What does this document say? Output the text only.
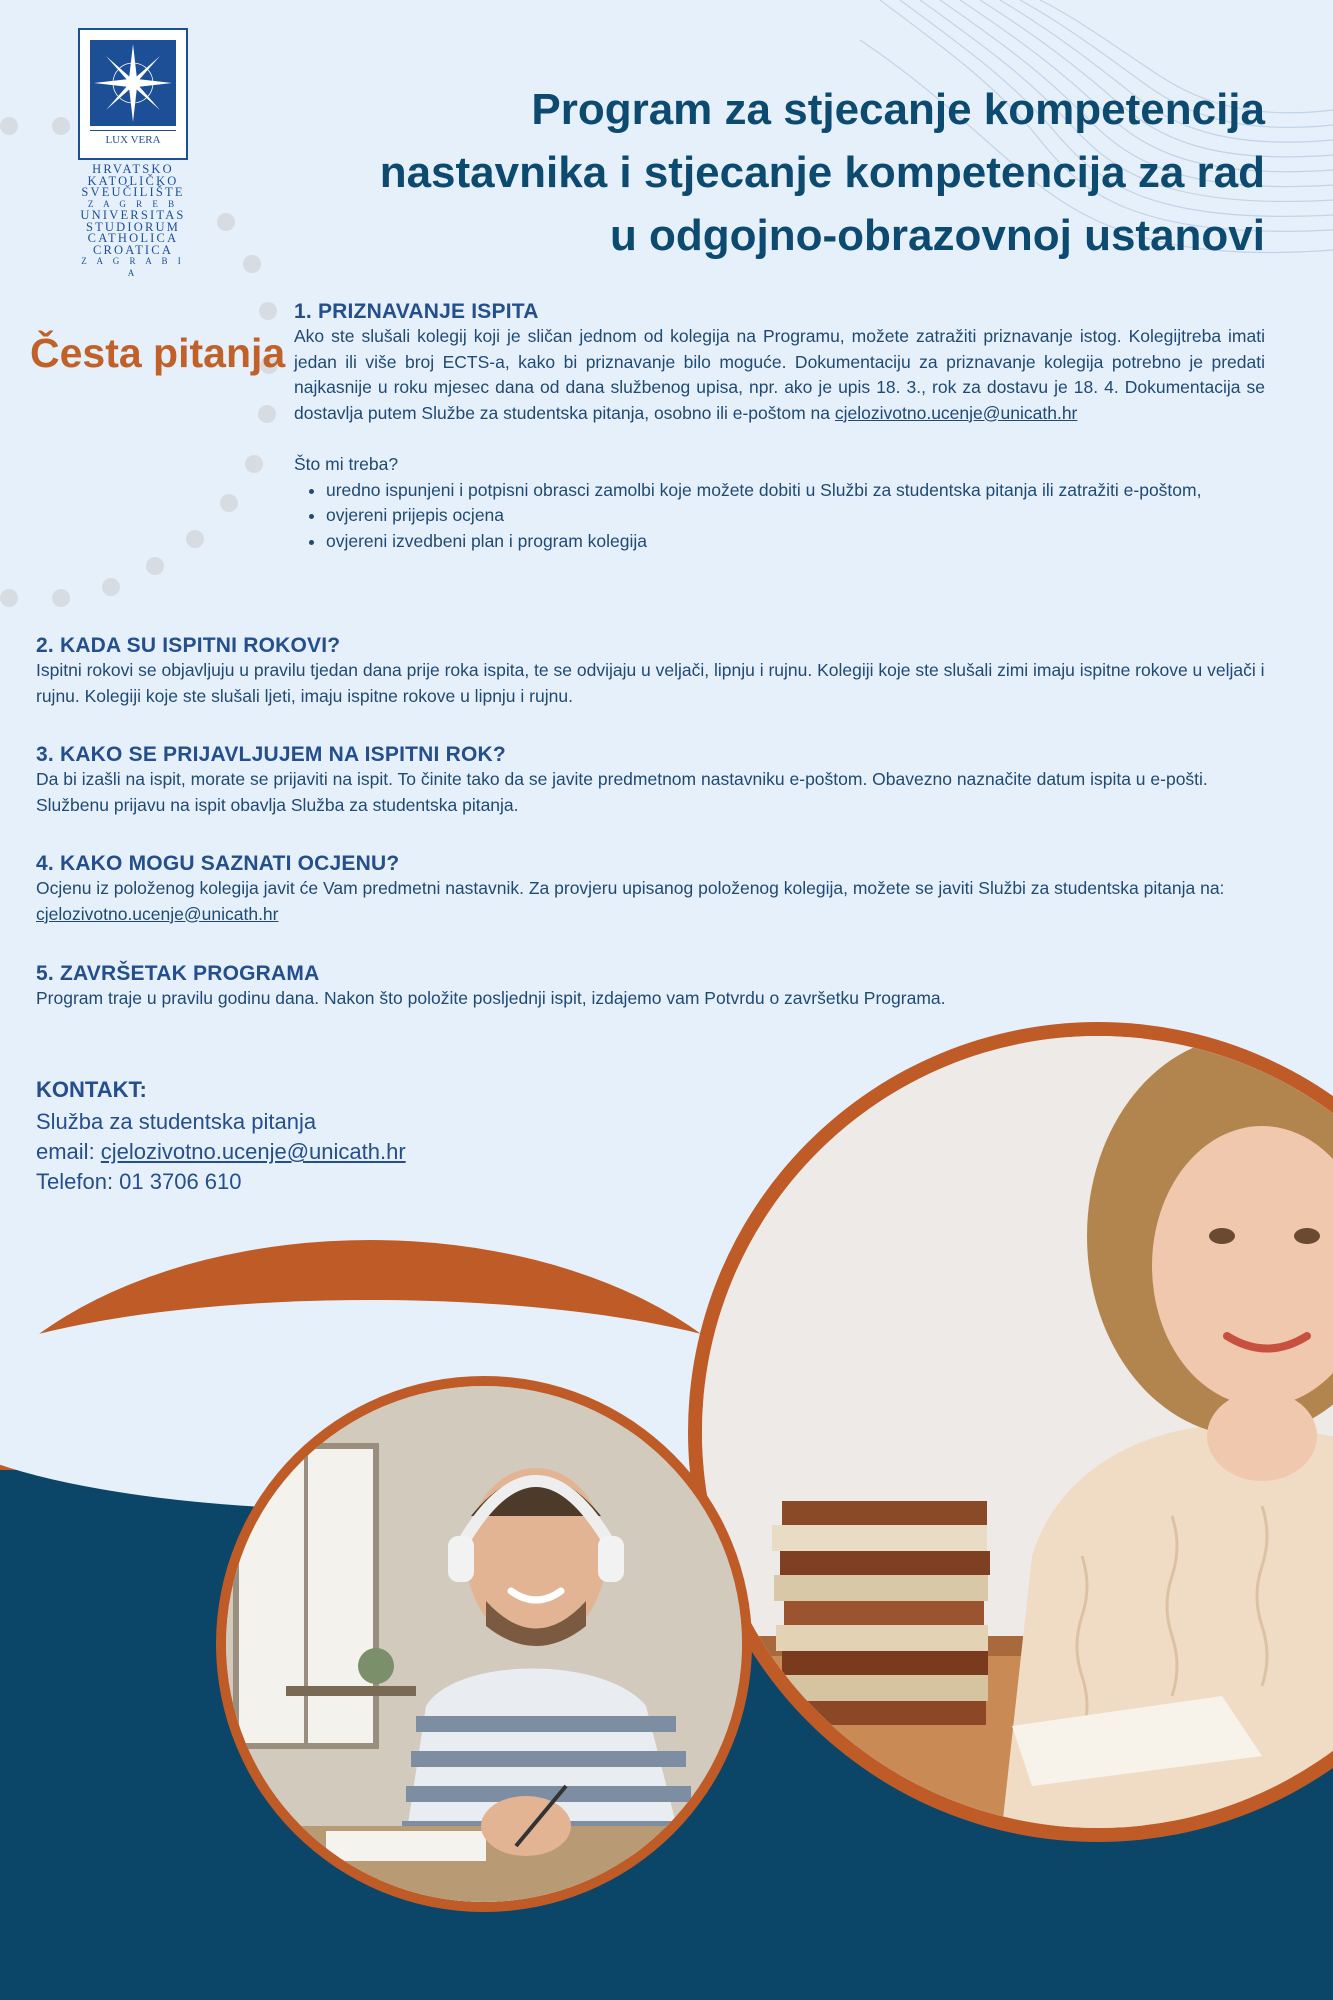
LUX VERA
HRVATSKO
KATOLIČKO
SVEUČILIŠTE
Z A G R E B
UNIVERSITAS
STUDIORUM
CATHOLICA
CROATICA
Z A G R A B I A
Program za stjecanje kompetencija
nastavnika i stjecanje kompetencija za rad
u odgojno-obrazovnoj ustanovi
Česta pitanja
1. PRIZNAVANJE ISPITA

Ako ste slušali kolegij koji je sličan jednom od kolegija na Programu, možete zatražiti priznavanje istog. Kolegijtreba imati jedan ili više broj ECTS-a, kako bi priznavanje bilo moguće. Dokumentaciju za priznavanje kolegija potrebno je predati najkasnije u roku mjesec dana od dana službenog upisa, npr. ako je upis 18. 3., rok za dostavu je 18. 4. Dokumentacija se dostavlja putem Službe za studentska pitanja, osobno ili e-poštom na cjelozivotno.ucenje@unicath.hr

Što mi treba?

• uredno ispunjeni i potpisni obrasci zamolbi koje možete dobiti u Službi za studentska pitanja ili zatražiti e-poštom,
• ovjereni prijepis ocjena
• ovjereni izvedbeni plan i program kolegija
2. KADA SU ISPITNI ROKOVI?

Ispitni rokovi se objavljuju u pravilu tjedan dana prije roka ispita, te se odvijaju u veljači, lipnju i rujnu. Kolegiji koje ste slušali zimi imaju ispitne rokove u veljači i rujnu. Kolegiji koje ste slušali ljeti, imaju ispitne rokove u lipnju i rujnu.

3. KAKO SE PRIJAVLJUJEM NA ISPITNI ROK?

Da bi izašli na ispit, morate se prijaviti na ispit. To činite tako da se javite predmetnom nastavniku e-poštom. Obavezno naznačite datum ispita u e-pošti. Službenu prijavu na ispit obavlja Služba za studentska pitanja.

4. KAKO MOGU SAZNATI OCJENU?

Ocjenu iz položenog kolegija javit će Vam predmetni nastavnik. Za provjeru upisanog položenog kolegija, možete se javiti Službi za studentska pitanja na: cjelozivotno.ucenje@unicath.hr

5. ZAVRŠETAK PROGRAMA

Program traje u pravilu godinu dana. Nakon što položite posljednji ispit, izdajemo vam Potvrdu o završetku Programa.

KONTAKT:
Služba za studentska pitanja
email: cjelozivotno.ucenje@unicath.hr
Telefon: 01 3706 610
